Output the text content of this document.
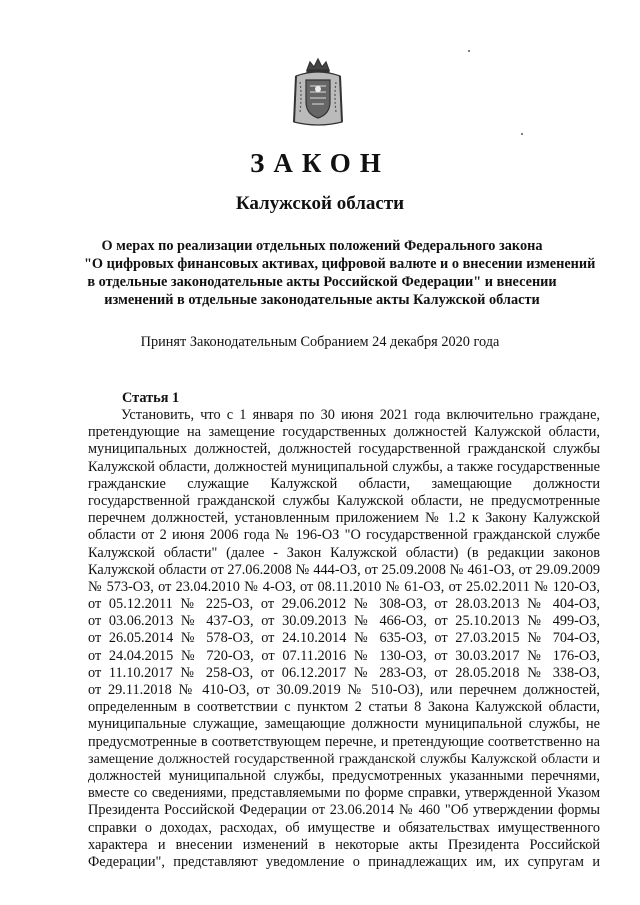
ЗАКОН
Калужской области
О мерах по реализации отдельных положений Федерального закона
"О цифровых финансовых активах, цифровой валюте и о внесении изменений
в отдельные законодательные акты Российской Федерации" и внесении
изменений в отдельные законодательные акты Калужской области
Принят Законодательным Собранием 24 декабря 2020 года
Статья 1
Установить, что с 1 января по 30 июня 2021 года включительно граждане,
претендующие на замещение государственных должностей Калужской области,
муниципальных должностей, должностей государственной гражданской службы
Калужской области, должностей муниципальной службы, а также государственные
гражданские служащие Калужской области, замещающие должности
государственной гражданской службы Калужской области, не предусмотренные
перечнем должностей, установленным приложением № 1.2 к Закону Калужской
области от 2 июня 2006 года № 196-ОЗ "О государственной гражданской службе
Калужской области" (далее - Закон Калужской области) (в редакции законов
Калужской области от 27.06.2008 № 444-ОЗ, от 25.09.2008 № 461-ОЗ, от 29.09.2009
№ 573-ОЗ, от 23.04.2010 № 4-ОЗ, от 08.11.2010 № 61-ОЗ, от 25.02.2011 № 120-ОЗ,
от 05.12.2011 № 225-ОЗ, от 29.06.2012 № 308-ОЗ, от 28.03.2013 № 404-ОЗ,
от 03.06.2013 № 437-ОЗ, от 30.09.2013 № 466-ОЗ, от 25.10.2013 № 499-ОЗ,
от 26.05.2014 № 578-ОЗ, от 24.10.2014 № 635-ОЗ, от 27.03.2015 № 704-ОЗ,
от 24.04.2015 № 720-ОЗ, от 07.11.2016 № 130-ОЗ, от 30.03.2017 № 176-ОЗ,
от 11.10.2017 № 258-ОЗ, от 06.12.2017 № 283-ОЗ, от 28.05.2018 № 338-ОЗ,
от 29.11.2018 № 410-ОЗ, от 30.09.2019 № 510-ОЗ), или перечнем должностей,
определенным в соответствии с пунктом 2 статьи 8 Закона Калужской области,
муниципальные служащие, замещающие должности муниципальной службы, не
предусмотренные в соответствующем перечне, и претендующие соответственно на
замещение должностей государственной гражданской службы Калужской области и
должностей муниципальной службы, предусмотренных указанными перечнями,
вместе со сведениями, представляемыми по форме справки, утвержденной Указом
Президента Российской Федерации от 23.06.2014 № 460 "Об утверждении формы
справки о доходах, расходах, об имуществе и обязательствах имущественного
характера и внесении изменений в некоторые акты Президента Российской
Федерации", представляют уведомление о принадлежащих им, их супругам и
